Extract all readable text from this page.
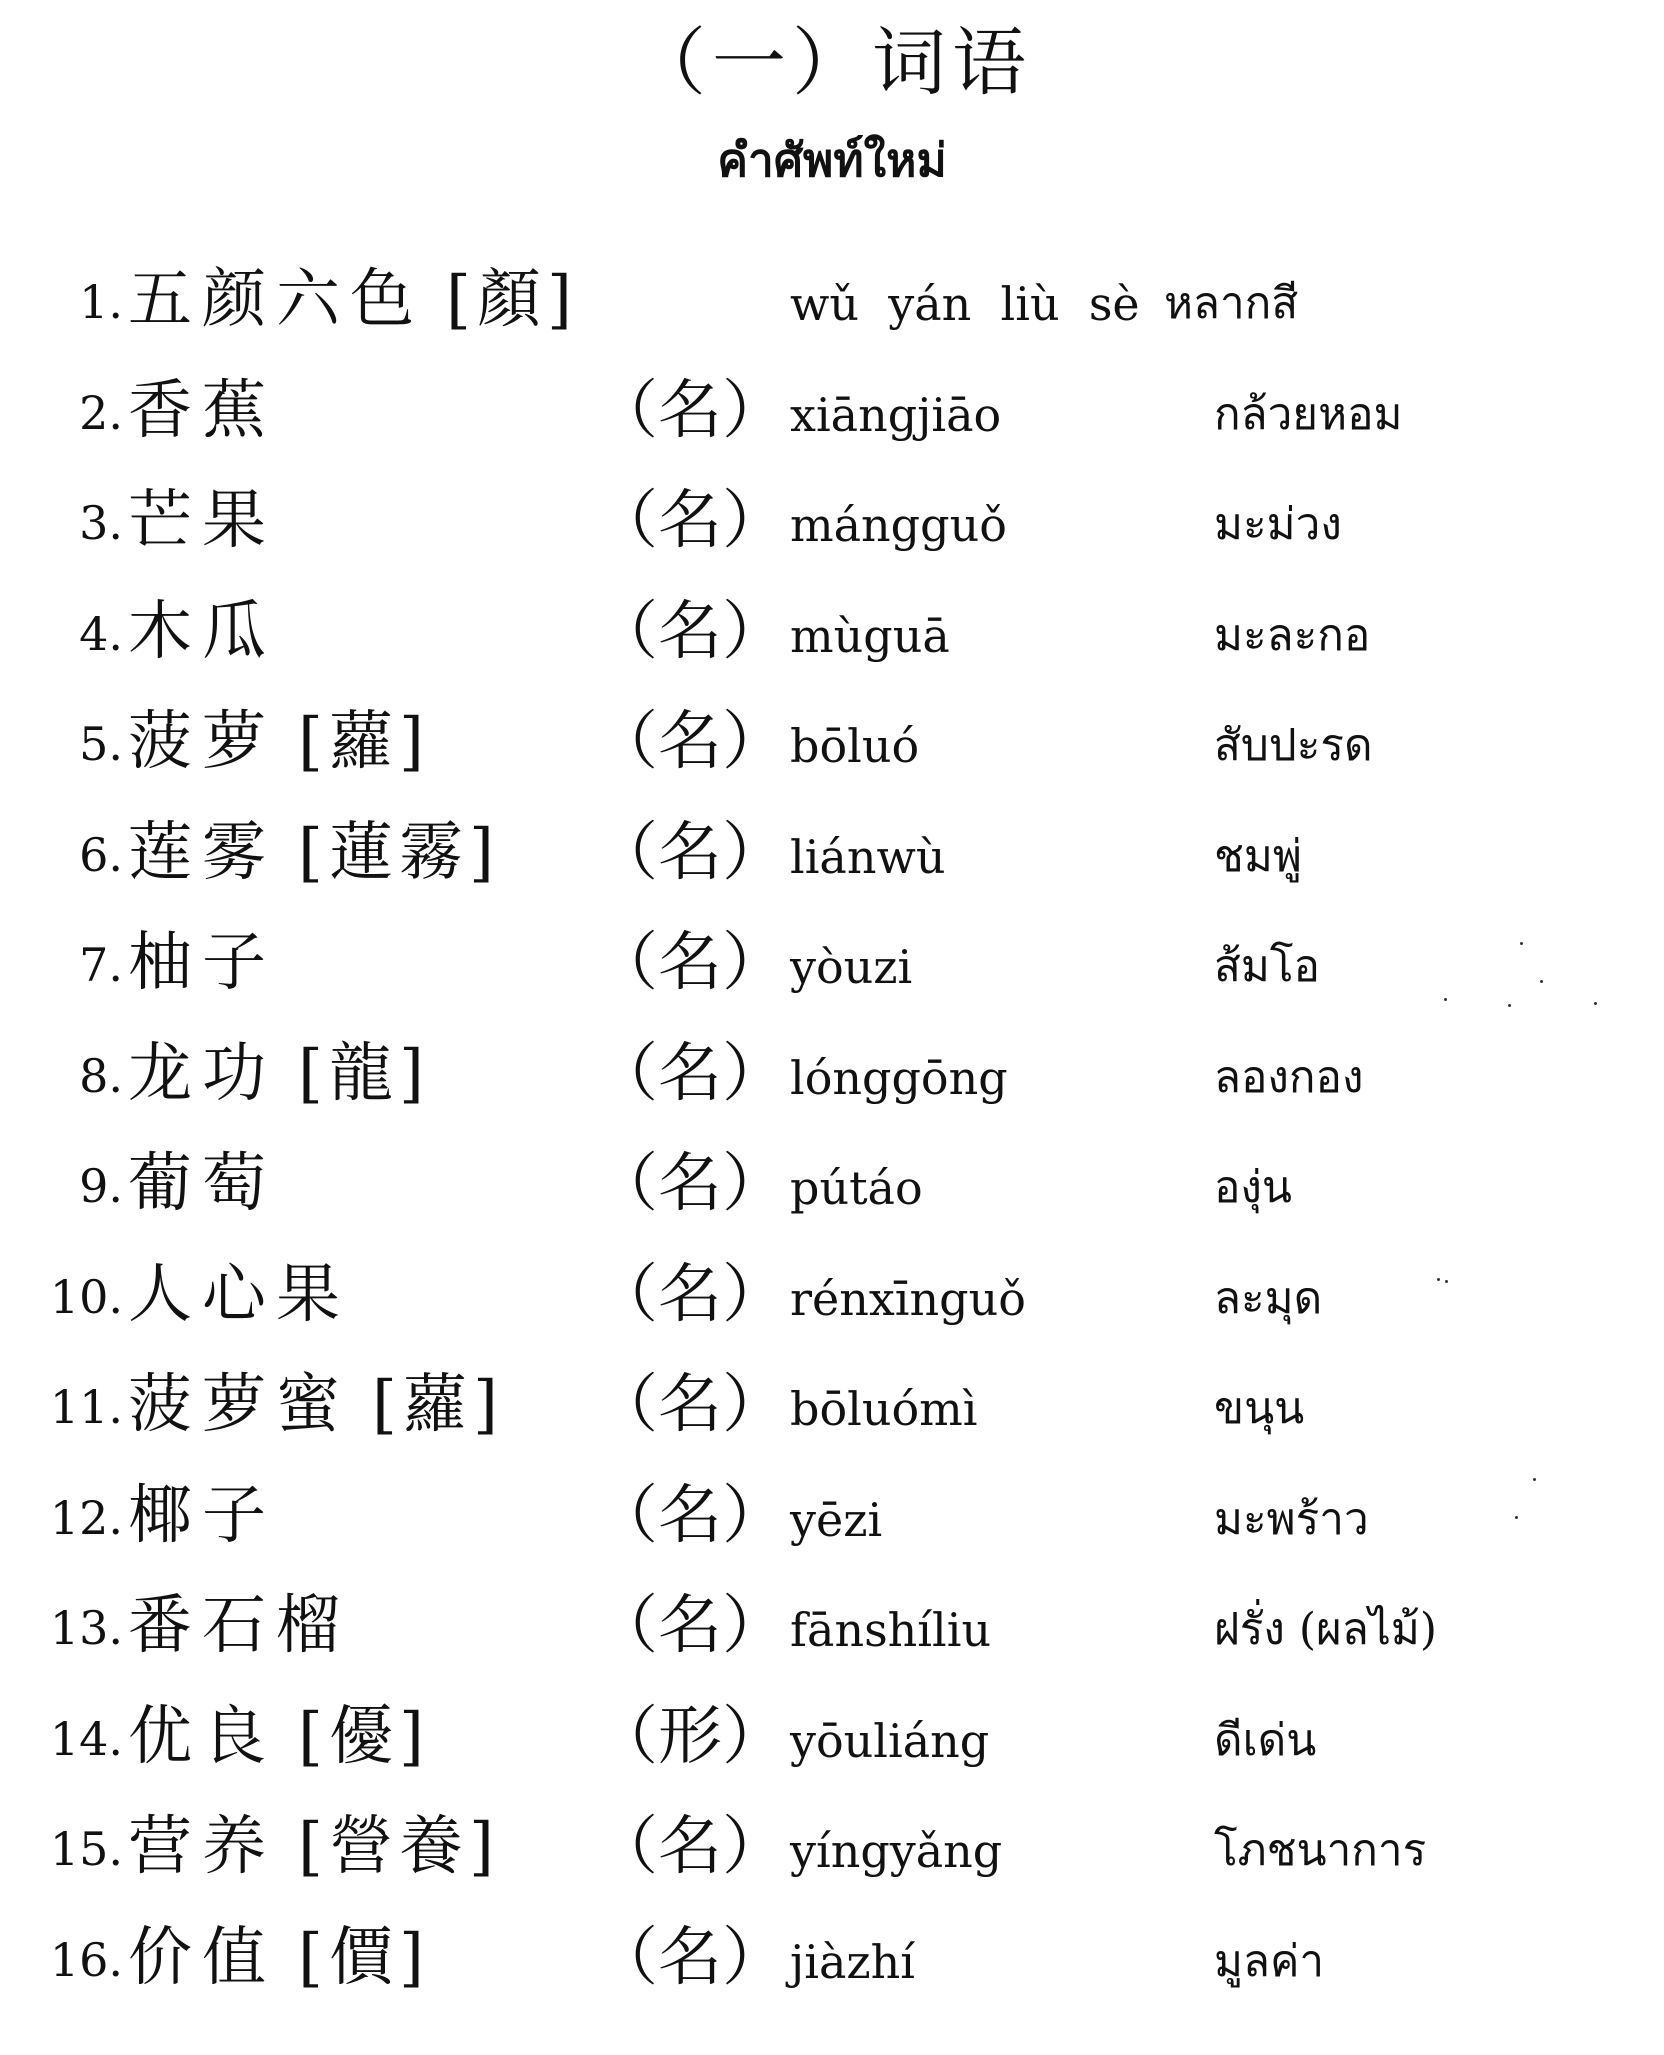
（一）词语
คำศัพท์ใหม่
1. 五颜六色 [顏]	wǔ  yán  liù  sè หลากสี
2. 香蕉	（名） xiāngjiāo	กล้วยหอม
3. 芒果	（名） mángguǒ	มะม่วง
4. 木瓜	（名） mùguā	มะละกอ
5. 菠萝 [蘿]	（名） bōluó	สับปะรด
6. 莲雾 [蓮霧] （名） liánwù	ชมพู่
7. 柚子	（名） yòuzi	ส้มโอ
8. 龙功 [龍]	（名） lónggōng	ลองกอง
9. 葡萄	（名） pútáo	องุ่น
10. 人心果	（名） rénxīnguǒ	ละมุด
11. 菠萝蜜 [蘿] （名） bōluómì	ขนุน
12. 椰子	（名） yēzi	มะพร้าว
13. 番石榴	（名） fānshíliu	ฝรั่ง (ผลไม้)
14. 优良 [優]	（形） yōuliáng	ดีเด่น
15. 营养 [營養] （名） yíngyǎng	โภชนาการ
16. 价值 [價]	（名） jiàzhí	มูลค่า
